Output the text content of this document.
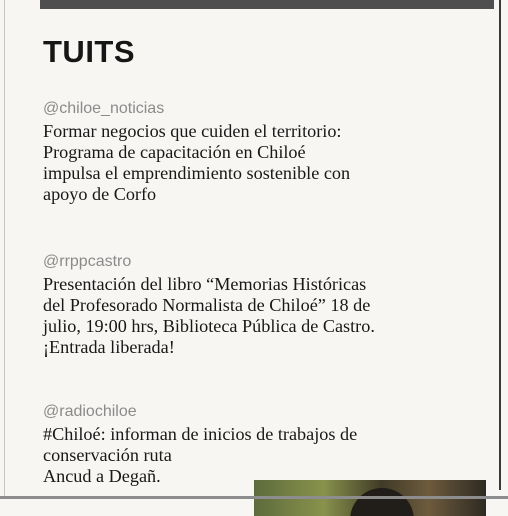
TUITS
@chiloe_noticias

Formar negocios que cuiden el territorio:
Programa de capacitación en Chiloé
impulsa el emprendimiento sostenible con
apoyo de Corfo

@rrppcastro

Presentación del libro “Memorias Históricas
del Profesorado Normalista de Chiloé” 18 de
julio, 19:00 hrs, Biblioteca Pública de Castro.
¡Entrada liberada!

@radiochiloe

#Chiloé: informan de inicios de trabajos de
conservación ruta
Ancud a Degañ.
